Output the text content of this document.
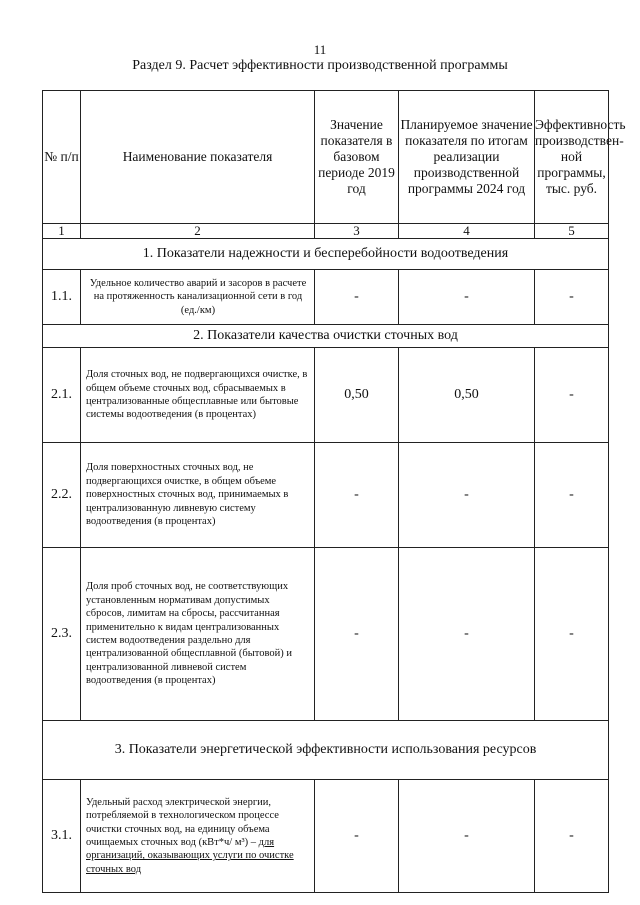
11
Раздел 9. Расчет эффективности производственной программы
№ п/п	Наименование показателя	Значение показателя в базовом периоде 2019 год	Планируемое значение показателя по итогам реализации производственной программы 2024 год	Эффективность производствен-ной программы, тыс. руб.
1	2	3	4	5
1. Показатели надежности и бесперебойности водоотведения				
1.1.	Удельное количество аварий и засоров в расчете на протяженность канализационной сети в год (ед./км)	-	-	-
2. Показатели качества очистки сточных вод				
2.1.	Доля сточных вод, не подвергающихся очистке, в общем объеме сточных вод, сбрасываемых в централизованные общесплавные или бытовые системы водоотведения (в процентах)	0,50	0,50	-
2.2.	Доля поверхностных сточных вод, не подвергающихся очистке, в общем объеме поверхностных сточных вод, принимаемых в централизованную ливневую систему водоотведения (в процентах)	-	-	-
2.3.	Доля проб сточных вод, не соответствующих установленным нормативам допустимых сбросов, лимитам на сбросы, рассчитанная применительно к видам централизованных систем водоотведения раздельно для централизованной общесплавной (бытовой) и централизованной ливневой систем водоотведения (в процентах)	-	-	-
3. Показатели энергетической эффективности использования ресурсов				
3.1.	Удельный расход электрической энергии, потребляемой в технологическом процессе очистки сточных вод, на единицу объема очищаемых сточных вод (кВт*ч/ м³) – для организаций, оказывающих услуги по очистке сточных вод	-	-	-
